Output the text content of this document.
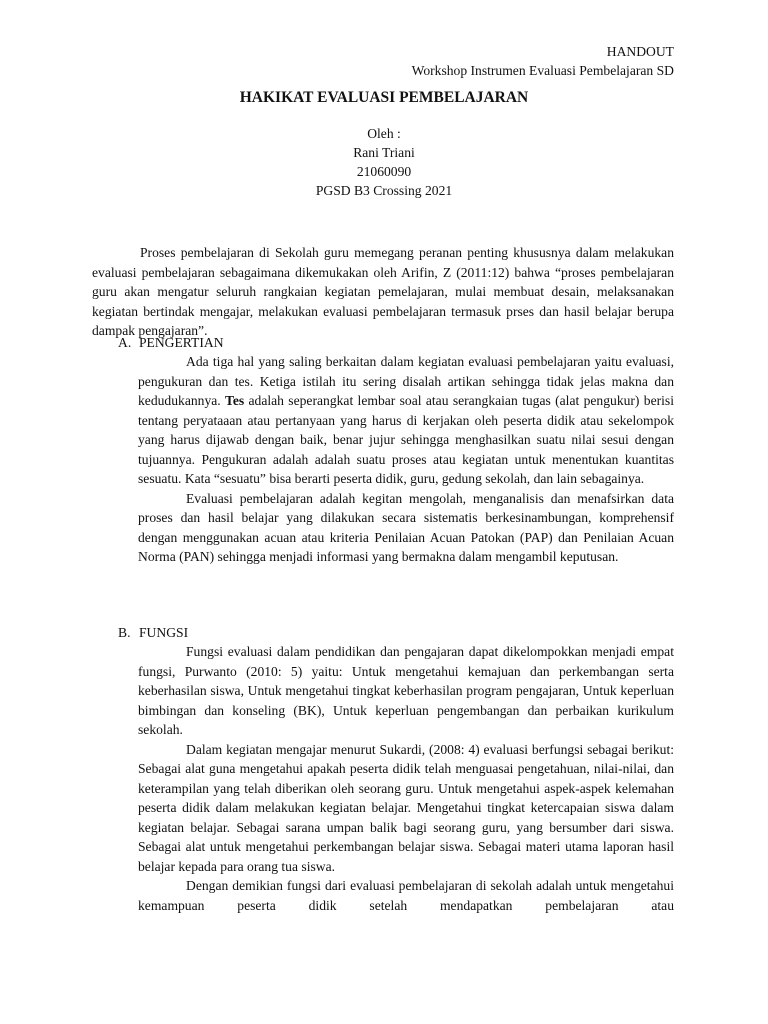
HANDOUT
Workshop Instrumen Evaluasi Pembelajaran SD
HAKIKAT EVALUASI PEMBELAJARAN
Oleh :
Rani Triani
21060090
PGSD B3 Crossing 2021

Proses pembelajaran di Sekolah guru memegang peranan penting khususnya dalam melakukan evaluasi pembelajaran sebagaimana dikemukakan oleh Arifin, Z (2011:12) bahwa “proses pembelajaran guru akan mengatur seluruh rangkaian kegiatan pemelajaran, mulai membuat desain, melaksanakan kegiatan bertindak mengajar, melakukan evaluasi pembelajaran termasuk prses dan hasil belajar berupa dampak pengajaran”.

A. PENGERTIAN

Ada tiga hal yang saling berkaitan dalam kegiatan evaluasi pembelajaran yaitu evaluasi, pengukuran dan tes. Ketiga istilah itu sering disalah artikan sehingga tidak jelas makna dan kedudukannya. Tes adalah seperangkat lembar soal atau serangkaian tugas (alat pengukur) berisi tentang peryataaan atau pertanyaan yang harus di kerjakan oleh peserta didik atau sekelompok yang harus dijawab dengan baik, benar jujur sehingga menghasilkan suatu nilai sesui dengan tujuannya. Pengukuran adalah adalah suatu proses atau kegiatan untuk menentukan kuantitas sesuatu. Kata “sesuatu” bisa berarti peserta didik, guru, gedung sekolah, dan lain sebagainya.

Evaluasi pembelajaran adalah kegitan mengolah, menganalisis dan menafsirkan data proses dan hasil belajar yang dilakukan secara sistematis berkesinambungan, komprehensif dengan menggunakan acuan atau kriteria Penilaian Acuan Patokan (PAP) dan Penilaian Acuan Norma (PAN) sehingga menjadi informasi yang bermakna dalam mengambil keputusan.

B. FUNGSI

Fungsi evaluasi dalam pendidikan dan pengajaran dapat dikelompokkan menjadi empat fungsi, Purwanto (2010: 5) yaitu: Untuk mengetahui kemajuan dan perkembangan serta keberhasilan siswa, Untuk mengetahui tingkat keberhasilan program pengajaran, Untuk keperluan bimbingan dan konseling (BK), Untuk keperluan pengembangan dan perbaikan kurikulum sekolah.

Dalam kegiatan mengajar menurut Sukardi, (2008: 4) evaluasi berfungsi sebagai berikut: Sebagai alat guna mengetahui apakah peserta didik telah menguasai pengetahuan, nilai-nilai, dan keterampilan yang telah diberikan oleh seorang guru. Untuk mengetahui aspek-aspek kelemahan peserta didik dalam melakukan kegiatan belajar. Mengetahui tingkat ketercapaian siswa dalam kegiatan belajar. Sebagai sarana umpan balik bagi seorang guru, yang bersumber dari siswa. Sebagai alat untuk mengetahui perkembangan belajar siswa. Sebagai materi utama laporan hasil belajar kepada para orang tua siswa.

Dengan demikian fungsi dari evaluasi pembelajaran di sekolah adalah untuk mengetahui kemampuan peserta didik setelah mendapatkan pembelajaran atau
